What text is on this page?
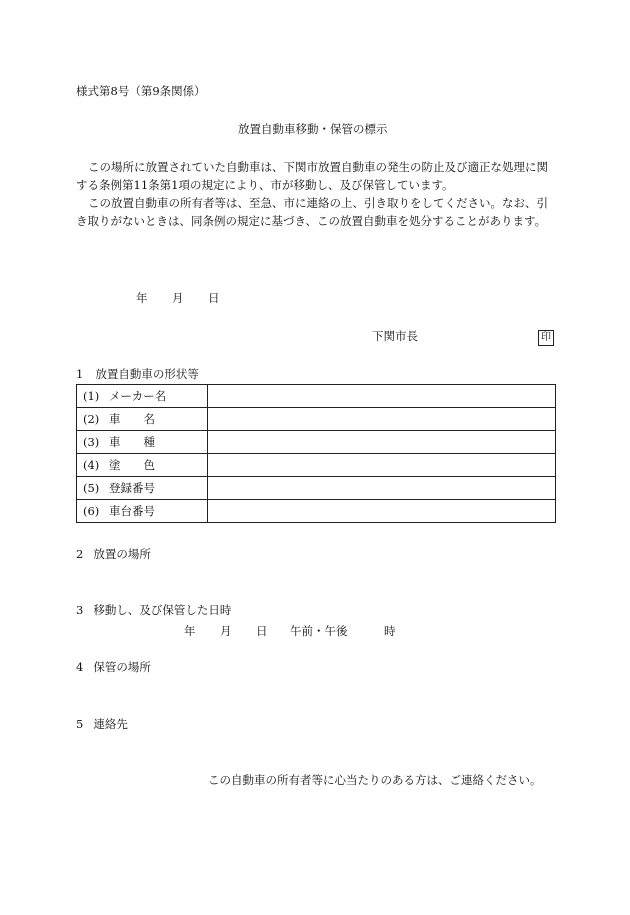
様式第8号（第9条関係）
放置自動車移動・保管の標示

この場所に放置されていた自動車は、下関市放置自動車の発生の防止及び適正な処理に関する条例第11条第1項の規定により、市が移動し、及び保管しています。

この放置自動車の所有者等は、至急、市に連絡の上、引き取りをしてください。なお、引き取りがないときは、同条例の規定に基づき、この放置自動車を処分することがあります。

年 月 日
下関市長	印
1 放置自動車の形状等
(1) メーカー名	
(2) 車　　名	
(3) 車　　種	
(4) 塗　　色	
(5) 登録番号	
(6) 車台番号	
2 放置の場所
3 移動し、及び保管した日時
年 月 日 午前・午後	時
4 保管の場所
5 連絡先
この自動車の所有者等に心当たりのある方は、ご連絡ください。
